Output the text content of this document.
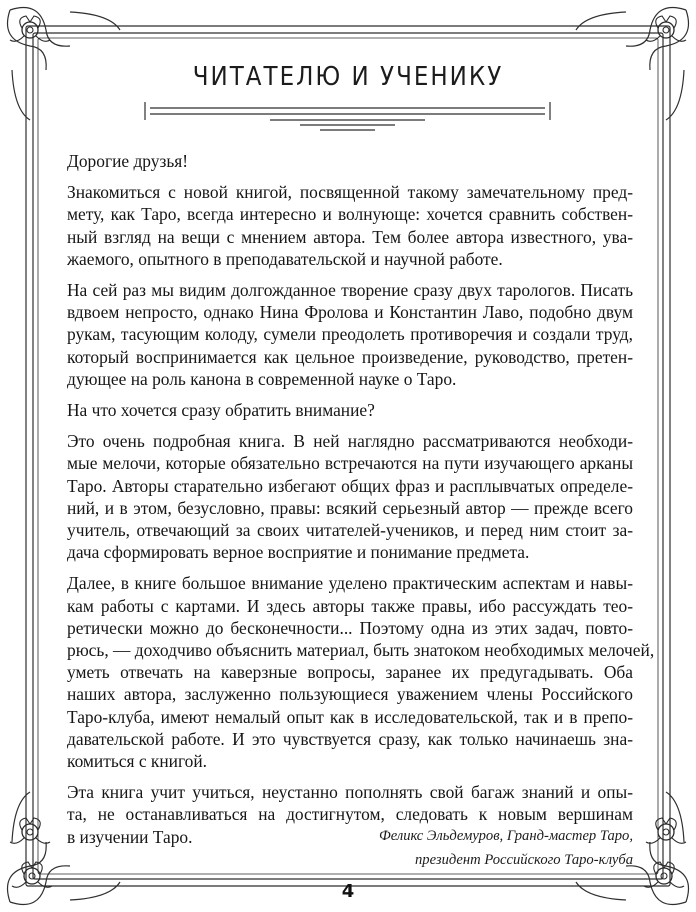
ЧИТАТЕЛЮ И УЧЕНИКУ

Дорогие друзья!

Знакомиться с новой книгой, посвященной такому замечательному пред-
мету, как Таро, всегда интересно и волнующе: хочется сравнить собствен-
ный взгляд на вещи с мнением автора. Тем более автора известного, ува-
жаемого, опытного в преподавательской и научной работе.

На сей раз мы видим долгожданное творение сразу двух тарологов. Писать
вдвоем непросто, однако Нина Фролова и Константин Лаво, подобно двум
рукам, тасующим колоду, сумели преодолеть противоречия и создали труд,
который воспринимается как цельное произведение, руководство, претен-
дующее на роль канона в современной науке о Таро.

На что хочется сразу обратить внимание?

Это очень подробная книга. В ней наглядно рассматриваются необходи-
мые мелочи, которые обязательно встречаются на пути изучающего арканы
Таро. Авторы старательно избегают общих фраз и расплывчатых определе-
ний, и в этом, безусловно, правы: всякий серьезный автор — прежде всего
учитель, отвечающий за своих читателей-учеников, и перед ним стоит за-
дача сформировать верное восприятие и понимание предмета.

Далее, в книге большое внимание уделено практическим аспектам и навы-
кам работы с картами. И здесь авторы также правы, ибо рассуждать тео-
ретически можно до бесконечности... Поэтому одна из этих задач, повто-
рюсь, — доходчиво объяснить материал, быть знатоком необходимых мелочей,
уметь отвечать на каверзные вопросы, заранее их предугадывать. Оба
наших автора, заслуженно пользующиеся уважением члены Российского
Таро-клуба, имеют немалый опыт как в исследовательской, так и в препо-
давательской работе. И это чувствуется сразу, как только начинаешь зна-
комиться с книгой.

Эта книга учит учиться, неустанно пополнять свой багаж знаний и опы-
та, не останавливаться на достигнутом, следовать к новым вершинам
в изучении Таро.	Феликс Эльдемуров, Гранд-мастер Таро,
президент Российского Таро-клуба
4
